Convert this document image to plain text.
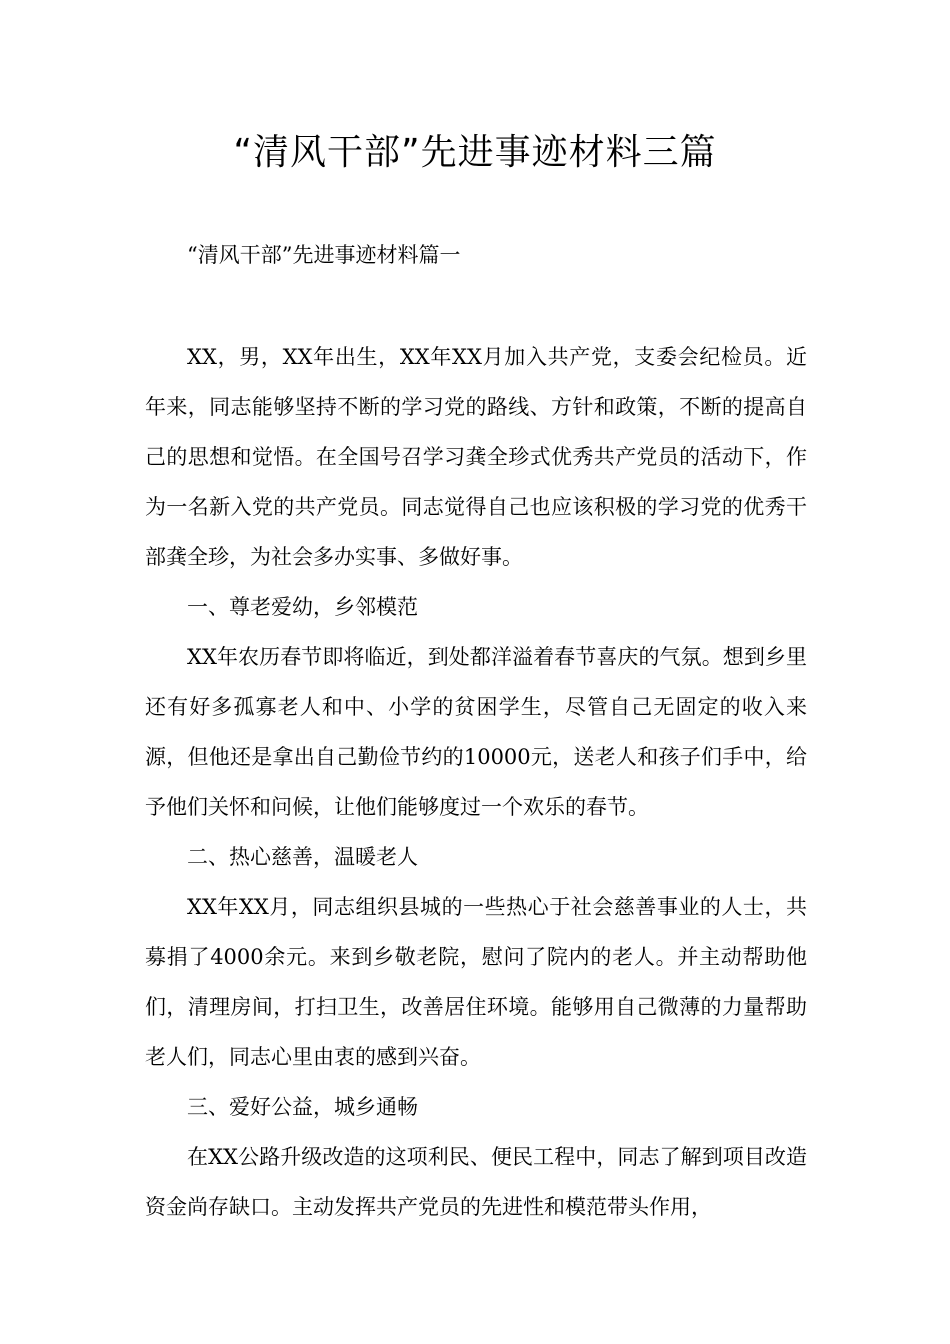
“清风干部”先进事迹材料三篇

“清风干部”先进事迹材料篇一

XX，男，XX年出生，XX年XX月加入共产党，支委会纪检员。近年来，同志能够坚持不断的学习党的路线、方针和政策，不断的提高自己的思想和觉悟。在全国号召学习龚全珍式优秀共产党员的活动下，作为一名新入党的共产党员。同志觉得自己也应该积极的学习党的优秀干部龚全珍，为社会多办实事、多做好事。

一、尊老爱幼，乡邻模范

XX年农历春节即将临近，到处都洋溢着春节喜庆的气氛。想到乡里还有好多孤寡老人和中、小学的贫困学生，尽管自己无固定的收入来源，但他还是拿出自己勤俭节约的10000元，送老人和孩子们手中，给予他们关怀和问候，让他们能够度过一个欢乐的春节。

二、热心慈善，温暖老人

XX年XX月，同志组织县城的一些热心于社会慈善事业的人士，共募捐了4000余元。来到乡敬老院，慰问了院内的老人。并主动帮助他们，清理房间，打扫卫生，改善居住环境。能够用自己微薄的力量帮助老人们，同志心里由衷的感到兴奋。

三、爱好公益，城乡通畅

在XX公路升级改造的这项利民、便民工程中，同志了解到项目改造资金尚存缺口。主动发挥共产党员的先进性和模范带头作用，
